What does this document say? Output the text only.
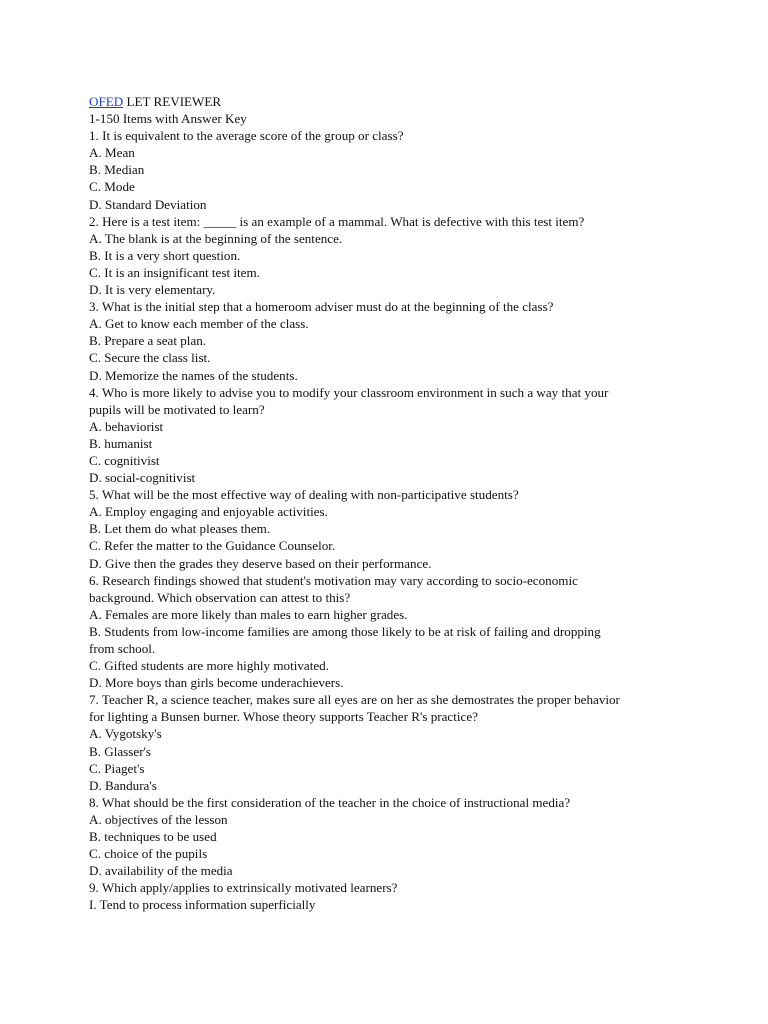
OFED LET REVIEWER
1-150 Items with Answer Key
1. It is equivalent to the average score of the group or class?
A. Mean
B. Median
C. Mode
D. Standard Deviation
2. Here is a test item: _____ is an example of a mammal. What is defective with this test item?
A. The blank is at the beginning of the sentence.
B. It is a very short question.
C. It is an insignificant test item.
D. It is very elementary.
3. What is the initial step that a homeroom adviser must do at the beginning of the class?
A. Get to know each member of the class.
B. Prepare a seat plan.
C. Secure the class list.
D. Memorize the names of the students.
4. Who is more likely to advise you to modify your classroom environment in such a way that your
pupils will be motivated to learn?
A. behaviorist
B. humanist
C. cognitivist
D. social-cognitivist
5. What will be the most effective way of dealing with non-participative students?
A. Employ engaging and enjoyable activities.
B. Let them do what pleases them.
C. Refer the matter to the Guidance Counselor.
D. Give then the grades they deserve based on their performance.
6. Research findings showed that student's motivation may vary according to socio-economic
background. Which observation can attest to this?
A. Females are more likely than males to earn higher grades.
B. Students from low-income families are among those likely to be at risk of failing and dropping
from school.
C. Gifted students are more highly motivated.
D. More boys than girls become underachievers.
7. Teacher R, a science teacher, makes sure all eyes are on her as she demostrates the proper behavior
for lighting a Bunsen burner. Whose theory supports Teacher R's practice?
A. Vygotsky's
B. Glasser's
C. Piaget's
D. Bandura's
8. What should be the first consideration of the teacher in the choice of instructional media?
A. objectives of the lesson
B. techniques to be used
C. choice of the pupils
D. availability of the media
9. Which apply/applies to extrinsically motivated learners?
I. Tend to process information superficially
